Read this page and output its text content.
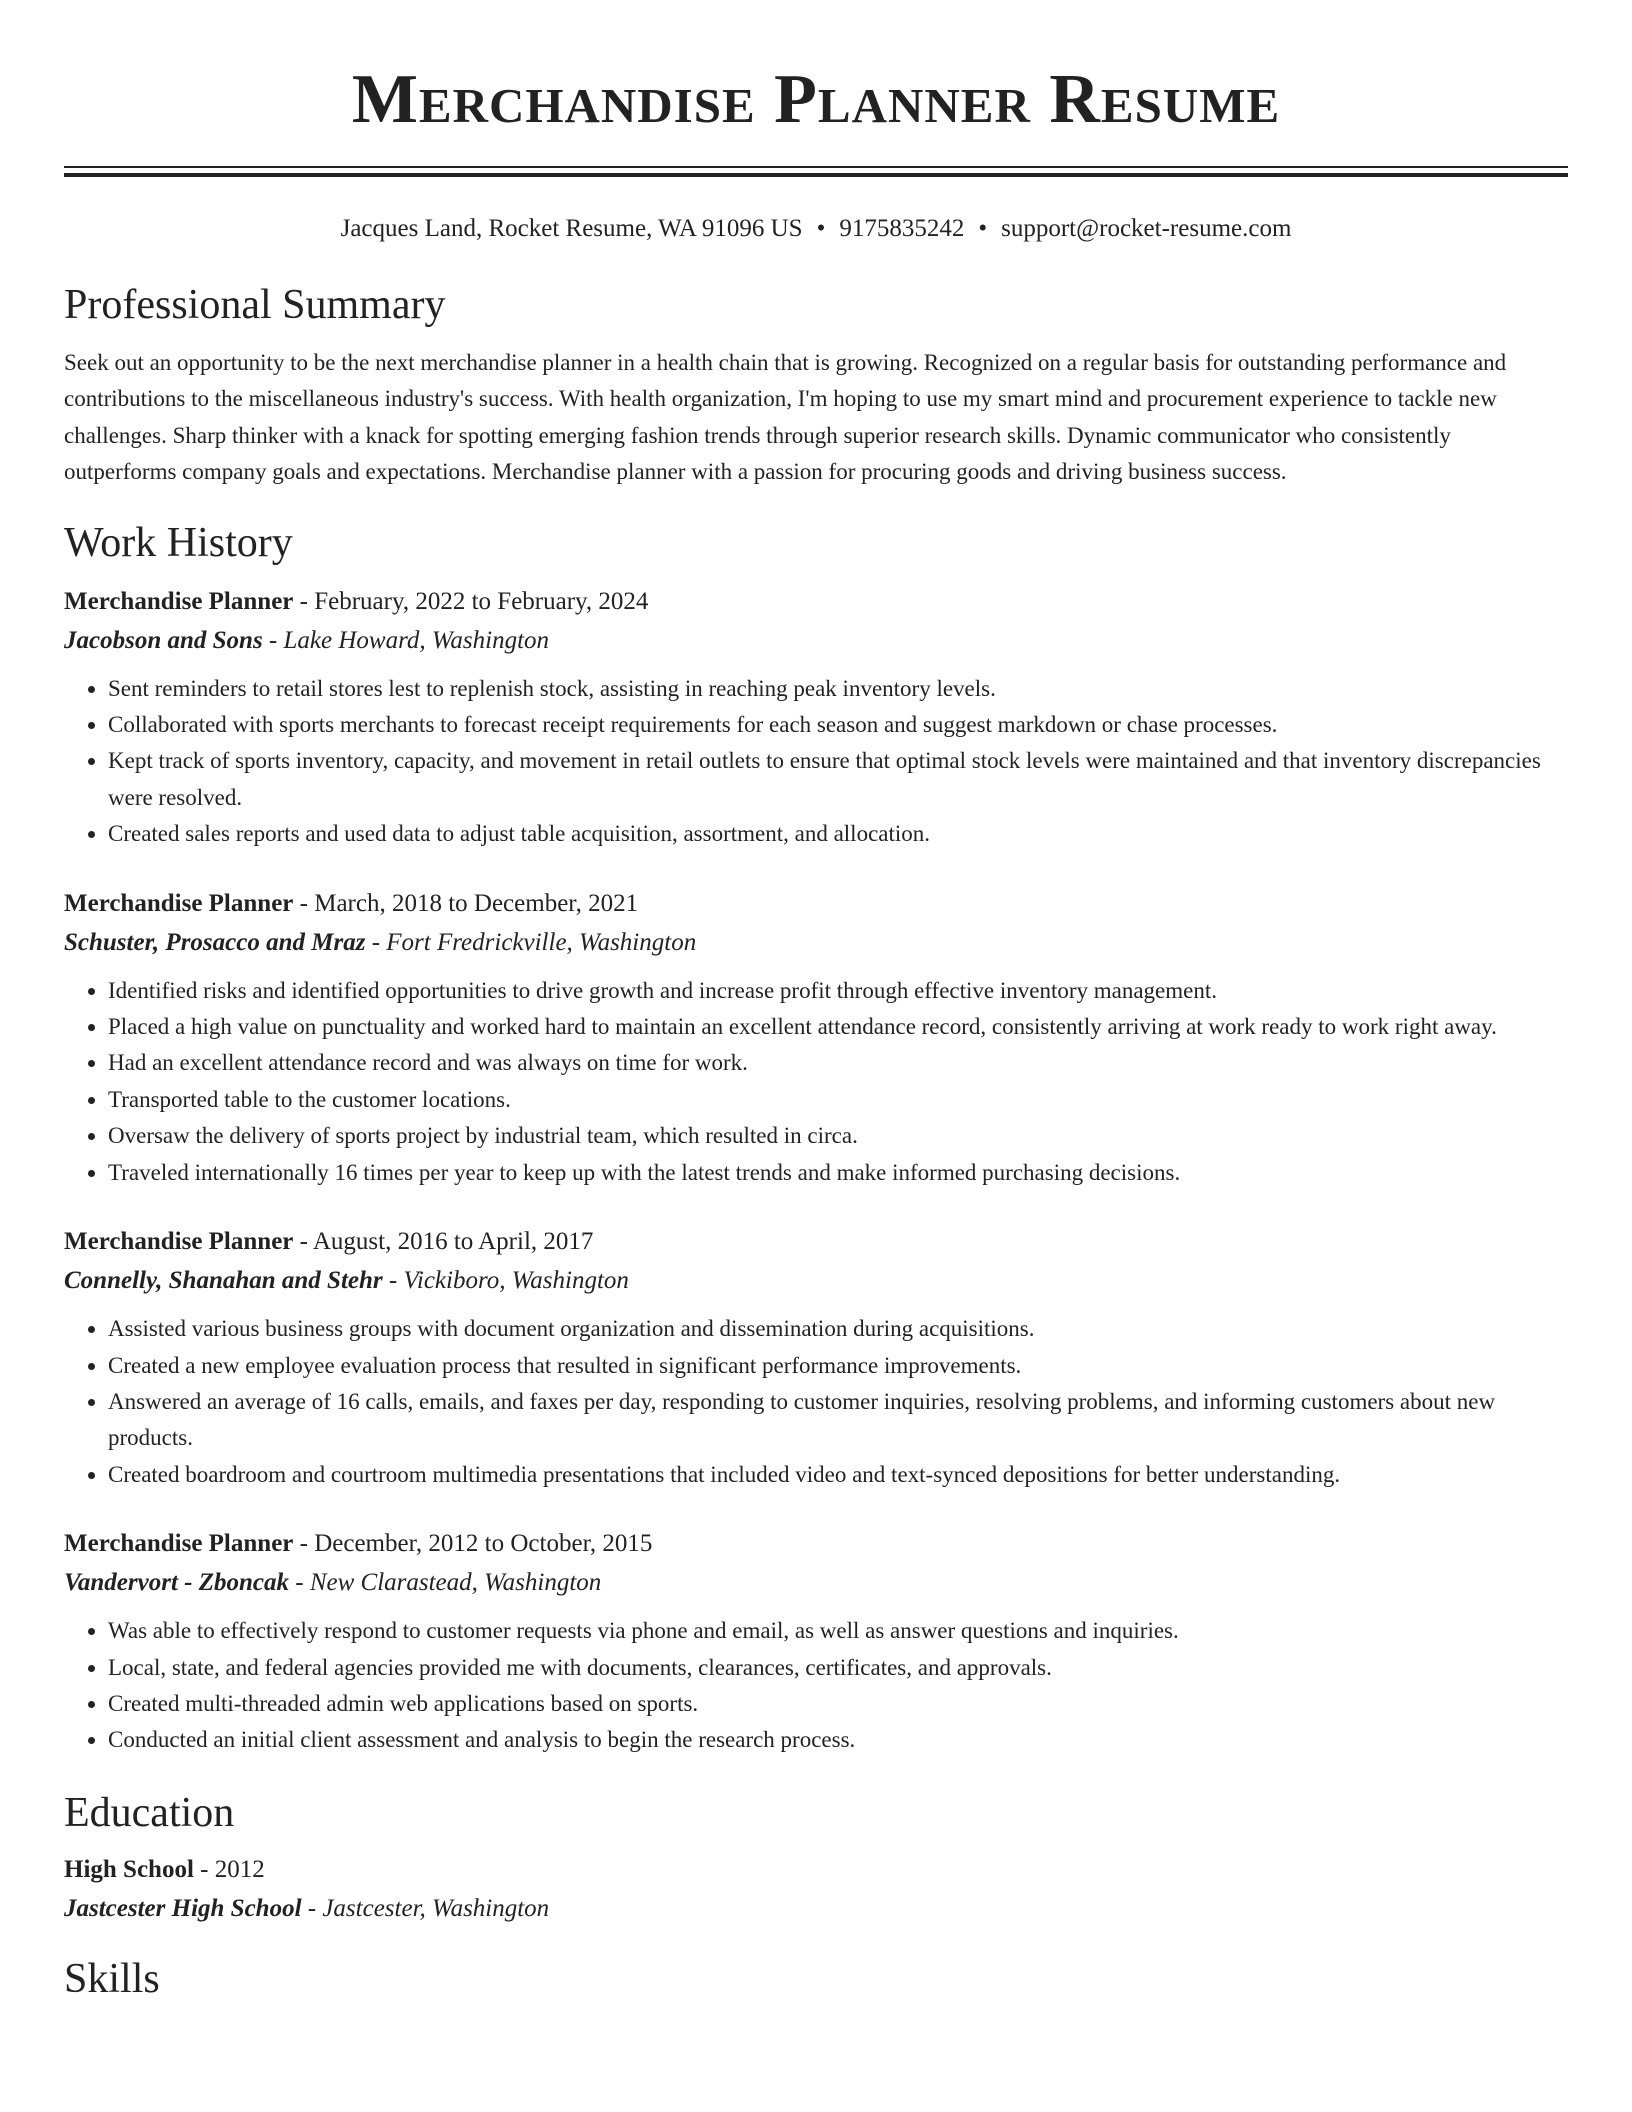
Merchandise Planner Resume
Jacques Land, Rocket Resume, WA 91096 US • 9175835242 • support@rocket-resume.com
Professional Summary

Seek out an opportunity to be the next merchandise planner in a health chain that is growing. Recognized on a regular basis for outstanding performance and contributions to the miscellaneous industry's success. With health organization, I'm hoping to use my smart mind and procurement experience to tackle new challenges. Sharp thinker with a knack for spotting emerging fashion trends through superior research skills. Dynamic communicator who consistently outperforms company goals and expectations. Merchandise planner with a passion for procuring goods and driving business success.

Work History
Merchandise Planner - February, 2022 to February, 2024
Jacobson and Sons - Lake Howard, Washington
• Sent reminders to retail stores lest to replenish stock, assisting in reaching peak inventory levels.
• Collaborated with sports merchants to forecast receipt requirements for each season and suggest markdown or chase processes.
• Kept track of sports inventory, capacity, and movement in retail outlets to ensure that optimal stock levels were maintained and that inventory discrepancies were resolved.
• Created sales reports and used data to adjust table acquisition, assortment, and allocation.
Merchandise Planner - March, 2018 to December, 2021
Schuster, Prosacco and Mraz - Fort Fredrickville, Washington
• Identified risks and identified opportunities to drive growth and increase profit through effective inventory management.
• Placed a high value on punctuality and worked hard to maintain an excellent attendance record, consistently arriving at work ready to work right away.
• Had an excellent attendance record and was always on time for work.
• Transported table to the customer locations.
• Oversaw the delivery of sports project by industrial team, which resulted in circa.
• Traveled internationally 16 times per year to keep up with the latest trends and make informed purchasing decisions.
Merchandise Planner - August, 2016 to April, 2017
Connelly, Shanahan and Stehr - Vickiboro, Washington
• Assisted various business groups with document organization and dissemination during acquisitions.
• Created a new employee evaluation process that resulted in significant performance improvements.
• Answered an average of 16 calls, emails, and faxes per day, responding to customer inquiries, resolving problems, and informing customers about new products.
• Created boardroom and courtroom multimedia presentations that included video and text-synced depositions for better understanding.
Merchandise Planner - December, 2012 to October, 2015
Vandervort - Zboncak - New Clarastead, Washington
• Was able to effectively respond to customer requests via phone and email, as well as answer questions and inquiries.
• Local, state, and federal agencies provided me with documents, clearances, certificates, and approvals.
• Created multi-threaded admin web applications based on sports.
• Conducted an initial client assessment and analysis to begin the research process.
Education
High School - 2012
Jastcester High School - Jastcester, Washington
Skills
